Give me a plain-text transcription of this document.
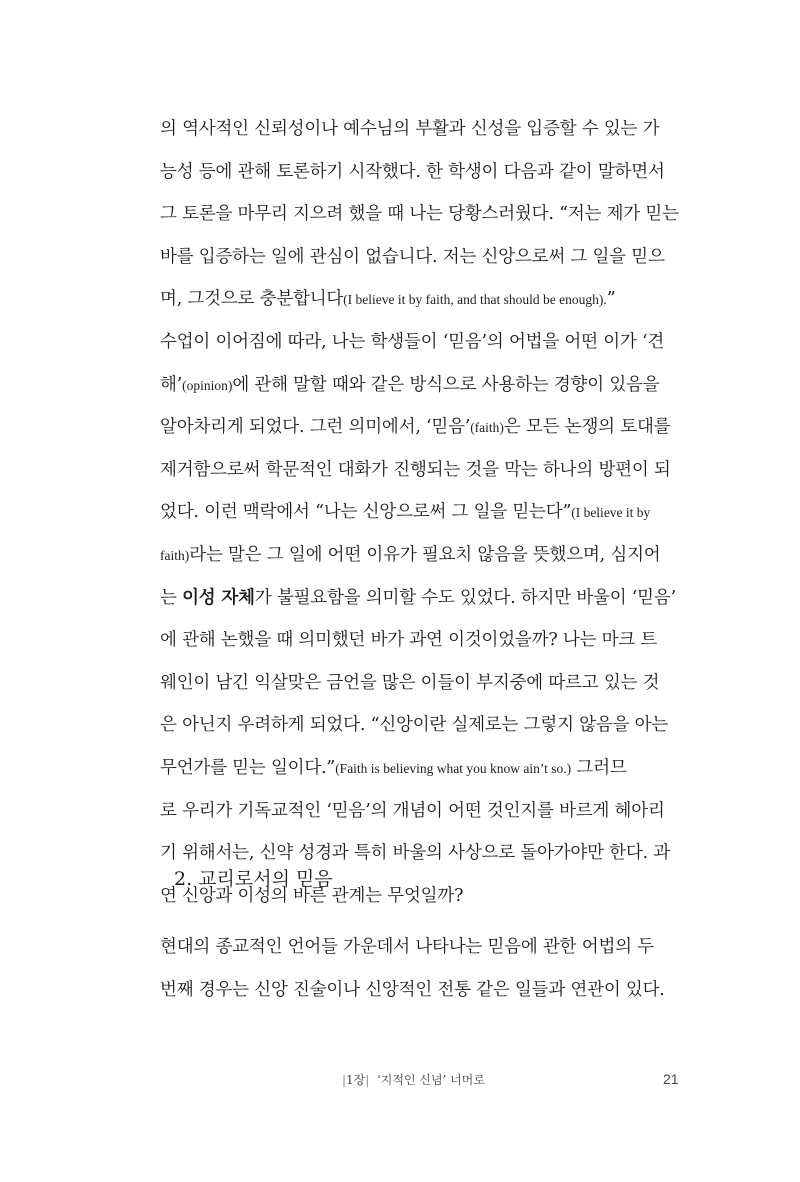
의 역사적인 신뢰성이나 예수님의 부활과 신성을 입증할 수 있는 가
능성 등에 관해 토론하기 시작했다. 한 학생이 다음과 같이 말하면서
그 토론을 마무리 지으려 했을 때 나는 당황스러웠다. “저는 제가 믿는
바를 입증하는 일에 관심이 없습니다. 저는 신앙으로써 그 일을 믿으
며, 그것으로 충분합니다(I believe it by faith, and that should be enough).”
수업이 이어짐에 따라, 나는 학생들이 ‘믿음’의 어법을 어떤 이가 ‘견
해’(opinion)에 관해 말할 때와 같은 방식으로 사용하는 경향이 있음을
알아차리게 되었다. 그런 의미에서, ‘믿음’(faith)은 모든 논쟁의 토대를
제거함으로써 학문적인 대화가 진행되는 것을 막는 하나의 방편이 되
었다. 이런 맥락에서 “나는 신앙으로써 그 일을 믿는다”(I believe it by
faith)라는 말은 그 일에 어떤 이유가 필요치 않음을 뜻했으며, 심지어
는 이성 자체가 불필요함을 의미할 수도 있었다. 하지만 바울이 ‘믿음’
에 관해 논했을 때 의미했던 바가 과연 이것이었을까? 나는 마크 트
웨인이 남긴 익살맞은 금언을 많은 이들이 부지중에 따르고 있는 것
은 아닌지 우려하게 되었다. “신앙이란 실제로는 그렇지 않음을 아는
무언가를 믿는 일이다.”(Faith is believing what you know ain’t so.) 그러므
로 우리가 기독교적인 ‘믿음’의 개념이 어떤 것인지를 바르게 헤아리
기 위해서는, 신약 성경과 특히 바울의 사상으로 돌아가야만 한다. 과
연 신앙과 이성의 바른 관계는 무엇일까?
2. 교리로서의 믿음
현대의 종교적인 언어들 가운데서 나타나는 믿음에 관한 어법의 두
번째 경우는 신앙 진술이나 신앙적인 전통 같은 일들과 연관이 있다.
|1장| ‘지적인 신념’ 너머로	21
